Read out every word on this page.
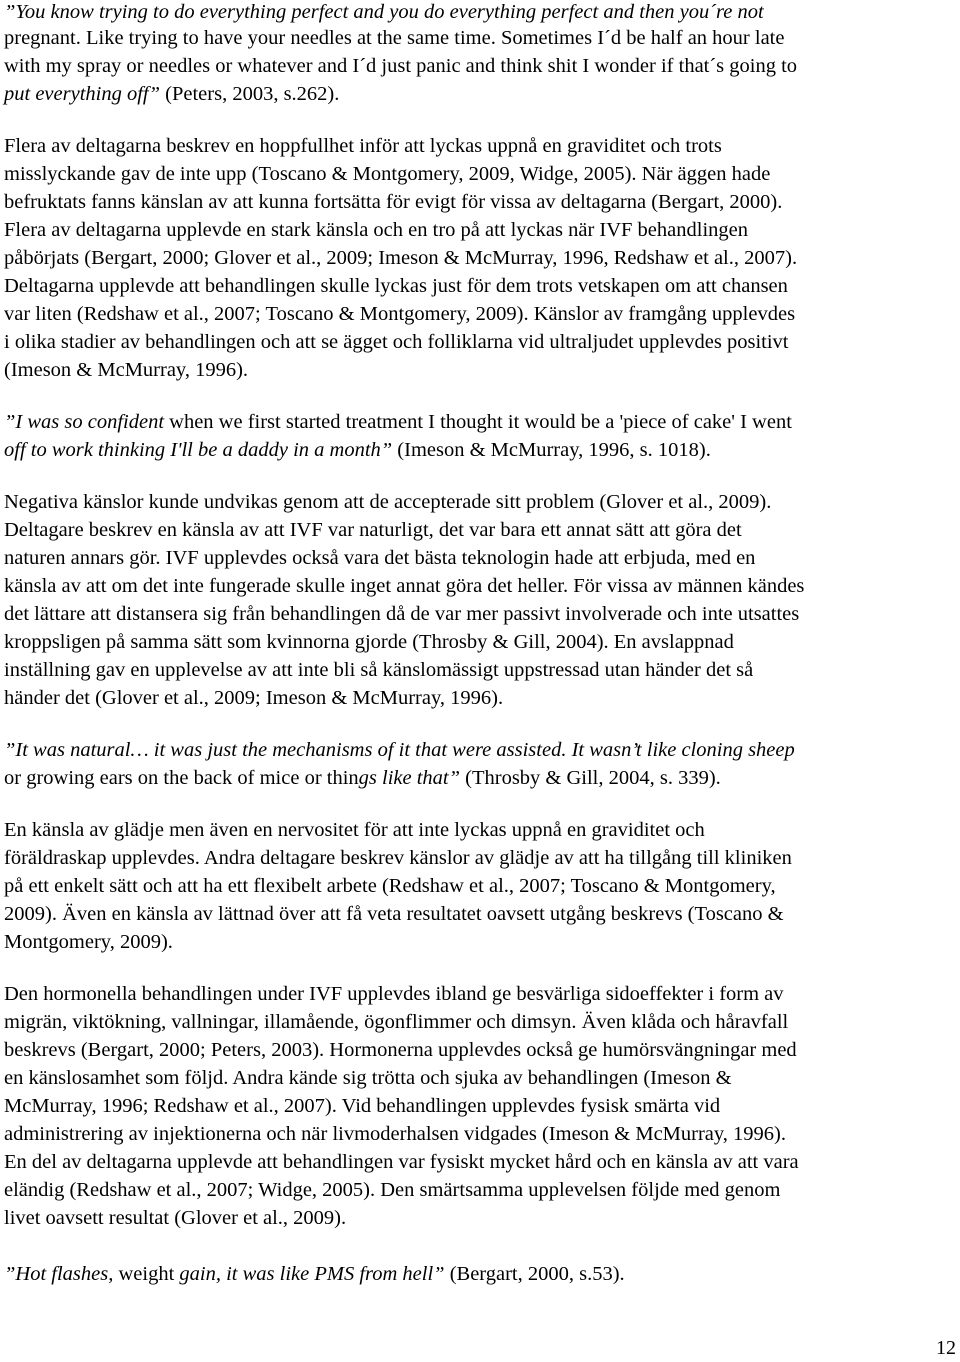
”You know trying to do everything perfect and you do everything perfect and then you´re not
pregnant. Like trying to have your needles at the same time. Sometimes I´d be half an hour late
with my spray or needles or whatever and I´d just panic and think shit I wonder if that´s going to
put everything off” (Peters, 2003, s.262).
Flera av deltagarna beskrev en hoppfullhet inför att lyckas uppnå en graviditet och trots
misslyckande gav de inte upp (Toscano & Montgomery, 2009, Widge, 2005). När äggen hade
befruktats fanns känslan av att kunna fortsätta för evigt för vissa av deltagarna (Bergart, 2000).
Flera av deltagarna upplevde en stark känsla och en tro på att lyckas när IVF behandlingen
påbörjats (Bergart, 2000; Glover et al., 2009; Imeson & McMurray, 1996, Redshaw et al., 2007).
Deltagarna upplevde att behandlingen skulle lyckas just för dem trots vetskapen om att chansen
var liten (Redshaw et al., 2007; Toscano & Montgomery, 2009). Känslor av framgång upplevdes
i olika stadier av behandlingen och att se ägget och folliklarna vid ultraljudet upplevdes positivt
(Imeson & McMurray, 1996).
”I was so confident when we first started treatment I thought it would be a 'piece of cake' I went
off to work thinking I'll be a daddy in a month” (Imeson & McMurray, 1996, s. 1018).
Negativa känslor kunde undvikas genom att de accepterade sitt problem (Glover et al., 2009).
Deltagare beskrev en känsla av att IVF var naturligt, det var bara ett annat sätt att göra det
naturen annars gör. IVF upplevdes också vara det bästa teknologin hade att erbjuda, med en
känsla av att om det inte fungerade skulle inget annat göra det heller. För vissa av männen kändes
det lättare att distansera sig från behandlingen då de var mer passivt involverade och inte utsattes
kroppsligen på samma sätt som kvinnorna gjorde (Throsby & Gill, 2004). En avslappnad
inställning gav en upplevelse av att inte bli så känslomässigt uppstressad utan händer det så
händer det (Glover et al., 2009; Imeson & McMurray, 1996).
”It was natural… it was just the mechanisms of it that were assisted. It wasn’t like cloning sheep
or growing ears on the back of mice or things like that” (Throsby & Gill, 2004, s. 339).
En känsla av glädje men även en nervositet för att inte lyckas uppnå en graviditet och
föräldraskap upplevdes. Andra deltagare beskrev känslor av glädje av att ha tillgång till kliniken
på ett enkelt sätt och att ha ett flexibelt arbete (Redshaw et al., 2007; Toscano & Montgomery,
2009). Även en känsla av lättnad över att få veta resultatet oavsett utgång beskrevs (Toscano &
Montgomery, 2009).
Den hormonella behandlingen under IVF upplevdes ibland ge besvärliga sidoeffekter i form av
migrän, viktökning, vallningar, illamående, ögonflimmer och dimsyn. Även klåda och håravfall
beskrevs (Bergart, 2000; Peters, 2003). Hormonerna upplevdes också ge humörsvängningar med
en känslosamhet som följd. Andra kände sig trötta och sjuka av behandlingen (Imeson &
McMurray, 1996; Redshaw et al., 2007). Vid behandlingen upplevdes fysisk smärta vid
administrering av injektionerna och när livmoderhalsen vidgades (Imeson & McMurray, 1996).
En del av deltagarna upplevde att behandlingen var fysiskt mycket hård och en känsla av att vara
eländig (Redshaw et al., 2007; Widge, 2005). Den smärtsamma upplevelsen följde med genom
livet oavsett resultat (Glover et al., 2009).
”Hot flashes, weight gain, it was like PMS from hell” (Bergart, 2000, s.53).
12
